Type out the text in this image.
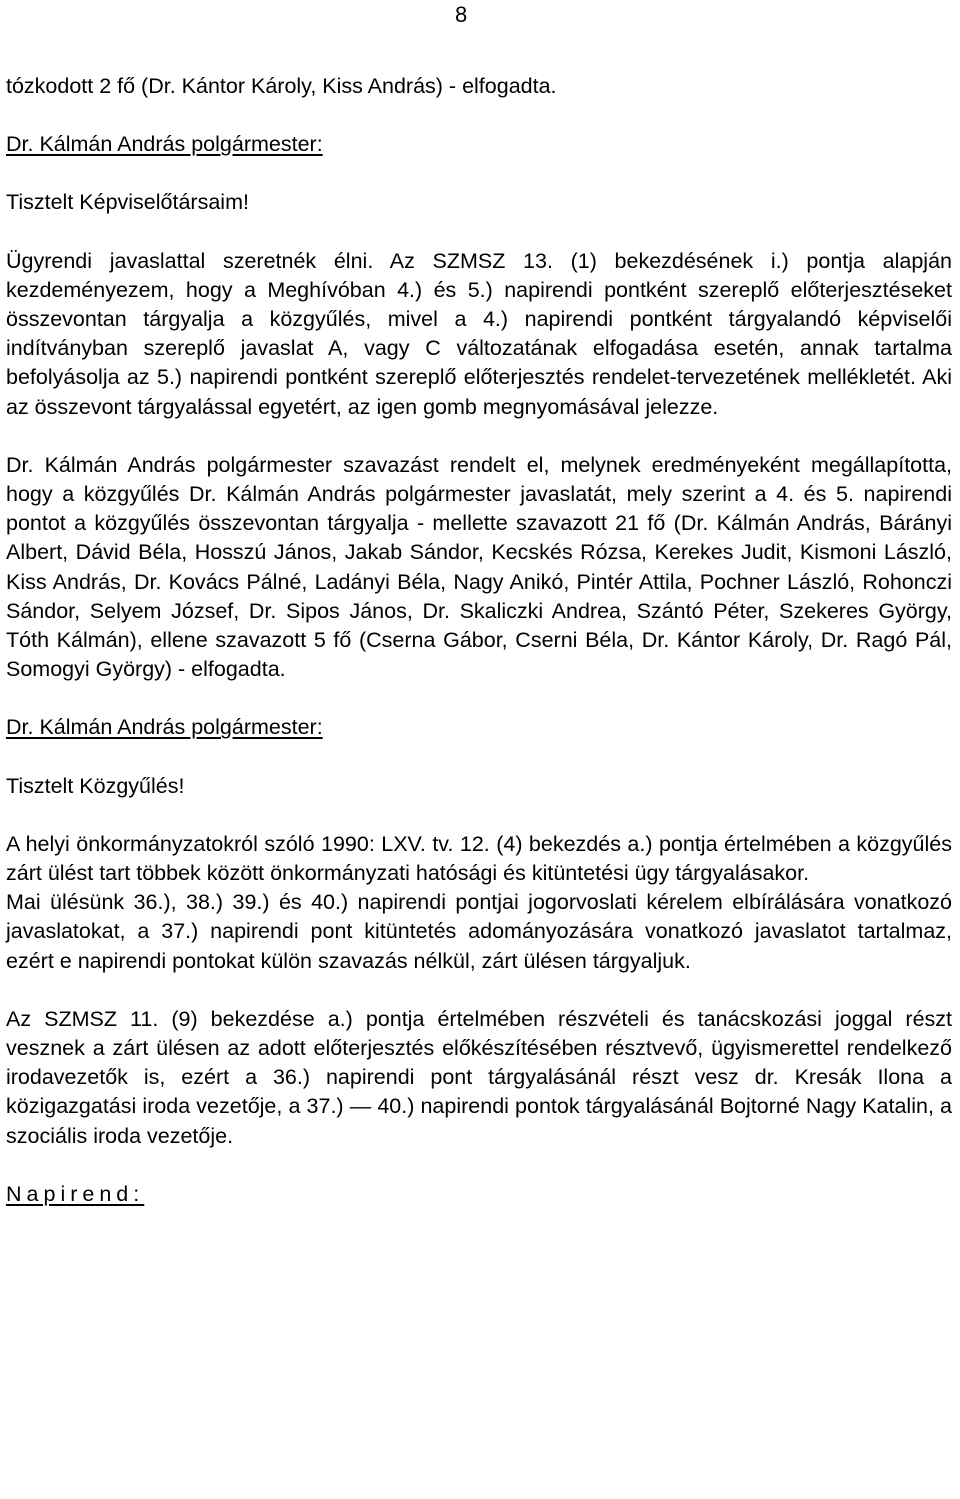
8

tózkodott 2 fő (Dr. Kántor Károly, Kiss András) - elfogadta.

Dr. Kálmán András polgármester:

Tisztelt Képviselőtársaim!

Ügyrendi javaslattal szeretnék élni. Az SZMSZ 13. (1) bekezdésének i.) pontja alapján kezdeményezem, hogy a Meghívóban 4.) és 5.) napirendi pontként szereplő előterjesztéseket összevontan tárgyalja a közgyűlés, mivel a 4.) napirendi pontként tárgyalandó képviselői indítványban szereplő javaslat A, vagy C változatának elfogadása esetén, annak tartalma befolyásolja az 5.) napirendi pontként szereplő előterjesztés rendelet-tervezetének mellékletét. Aki az összevont tárgyalással egyetért, az igen gomb megnyomásával jelezze.

Dr. Kálmán András polgármester szavazást rendelt el, melynek eredményeként megállapította, hogy a közgyűlés Dr. Kálmán András polgármester javaslatát, mely szerint a 4. és 5. napirendi pontot a közgyűlés összevontan tárgyalja - mellette szavazott 21 fő (Dr. Kálmán András, Bárányi Albert, Dávid Béla, Hosszú János, Jakab Sándor, Kecskés Rózsa, Kerekes Judit, Kismoni László, Kiss András, Dr. Kovács Pálné, Ladányi Béla, Nagy Anikó, Pintér Attila, Pochner László, Rohonczi Sándor, Selyem József, Dr. Sipos János, Dr. Skaliczki Andrea, Szántó Péter, Szekeres György, Tóth Kálmán), ellene szavazott 5 fő (Cserna Gábor, Cserni Béla, Dr. Kántor Károly, Dr. Ragó Pál, Somogyi György) - elfogadta.

Dr. Kálmán András polgármester:

Tisztelt Közgyűlés!

A helyi önkormányzatokról szóló 1990: LXV. tv. 12. (4) bekezdés a.) pontja értelmében a közgyűlés zárt ülést tart többek között önkormányzati hatósági és kitüntetési ügy tárgyalásakor.

Mai ülésünk 36.), 38.) 39.) és 40.) napirendi pontjai jogorvoslati kérelem elbírálására vonatkozó javaslatokat, a 37.) napirendi pont kitüntetés adományozására vonatkozó javaslatot tartalmaz, ezért e napirendi pontokat külön szavazás nélkül, zárt ülésen tárgyaljuk.

Az SZMSZ 11. (9) bekezdése a.) pontja értelmében részvételi és tanácskozási joggal részt vesznek a zárt ülésen az adott előterjesztés előkészítésében résztvevő, ügyismerettel rendelkező irodavezetők is, ezért a 36.) napirendi pont tárgyalásánál részt vesz dr. Kresák Ilona a közigazgatási iroda vezetője, a 37.) — 40.) napirendi pontok tárgyalásánál Bojtorné Nagy Katalin, a szociális iroda vezetője.

Napirend:
